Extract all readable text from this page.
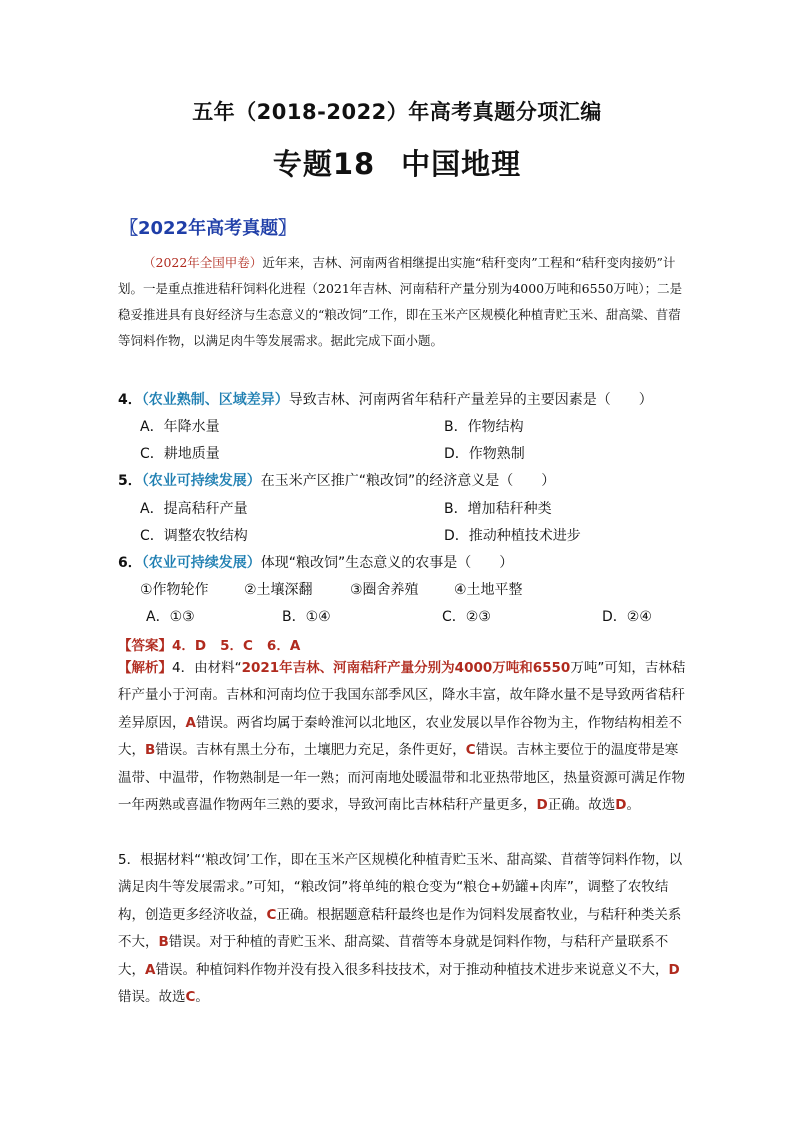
五年（2018-2022）年高考真题分项汇编
专题18 中国地理
〖2022年高考真题〗
（2022年全国甲卷）近年来，吉林、河南两省相继提出实施“秸秆变肉”工程和“秸秆变肉接奶”计划。一是重点推进秸秆饲料化进程（2021年吉林、河南秸秆产量分别为4000万吨和6550万吨）；二是稳妥推进具有良好经济与生态意义的“粮改饲”工作，即在玉米产区规模化种植青贮玉米、甜高粱、苜蓿等饲料作物，以满足肉牛等发展需求。据此完成下面小题。
4．（农业熟制、区域差异）导致吉林、河南两省年秸秆产量差异的主要因素是（　　）
A．年降水量	B．作物结构
C．耕地质量	D．作物熟制
5．（农业可持续发展）在玉米产区推广“粮改饲”的经济意义是（　　）
A．提高秸秆产量	B．增加秸秆种类
C．调整农牧结构	D．推动种植技术进步
6．（农业可持续发展）体现“粮改饲”生态意义的农事是（　　）
①作物轮作	②土壤深翻	③圈舍养殖	④土地平整
A．①③	B．①④	C．②③	D．②④
【答案】4．D 5．C 6．A
【解析】4．由材料“2021年吉林、河南秸秆产量分别为4000万吨和6550万吨”可知，吉林秸秆产量小于河南。吉林和河南均位于我国东部季风区，降水丰富，故年降水量不是导致两省秸秆差异原因，A错误。两省均属于秦岭淮河以北地区，农业发展以旱作谷物为主，作物结构相差不大，B错误。吉林有黑土分布，土壤肥力充足，条件更好，C错误。吉林主要位于的温度带是寒温带、中温带，作物熟制是一年一熟；而河南地处暖温带和北亚热带地区，热量资源可满足作物一年两熟或喜温作物两年三熟的要求，导致河南比吉林秸秆产量更多，D正确。故选D。
5．根据材料“‘粮改饲’工作，即在玉米产区规模化种植青贮玉米、甜高粱、苜蓿等饲料作物，以满足肉牛等发展需求。”可知，“粮改饲”将单纯的粮仓变为“粮仓+奶罐+肉库”，调整了农牧结构，创造更多经济收益，C正确。根据题意秸秆最终也是作为饲料发展畜牧业，与秸秆种类关系不大，B错误。对于种植的青贮玉米、甜高粱、苜蓿等本身就是饲料作物，与秸秆产量联系不大，A错误。种植饲料作物并没有投入很多科技技术，对于推动种植技术进步来说意义不大，D错误。故选C。
